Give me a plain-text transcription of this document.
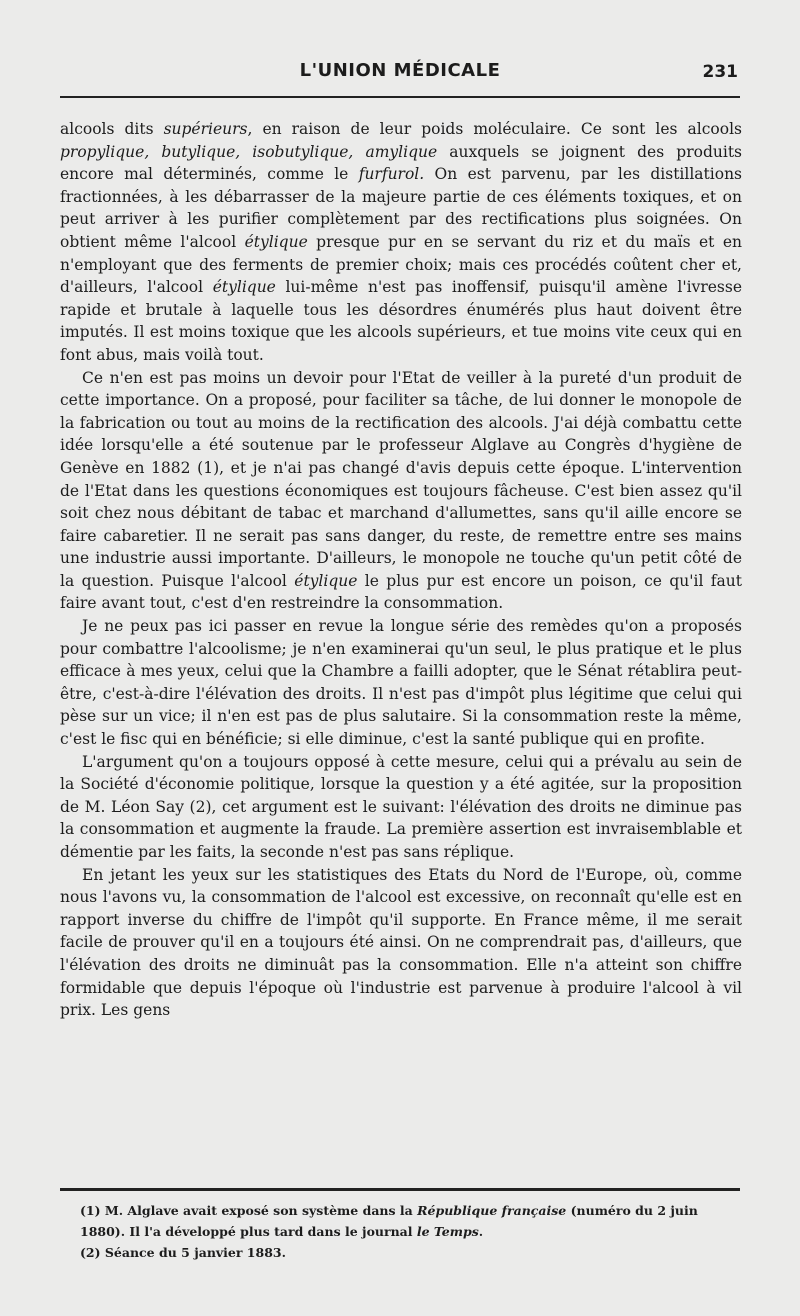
L'UNION MÉDICALE	231

alcools dits supérieurs, en raison de leur poids moléculaire. Ce sont les alcools propylique, butylique, isobutylique, amylique auxquels se joignent des produits encore mal déterminés, comme le furfurol. On est parvenu, par les distillations fractionnées, à les débarrasser de la majeure partie de ces éléments toxiques, et on peut arriver à les purifier complètement par des rectifications plus soignées. On obtient même l'alcool étylique presque pur en se servant du riz et du maïs et en n'employant que des ferments de premier choix; mais ces procédés coûtent cher et, d'ailleurs, l'alcool étylique lui-même n'est pas inoffensif, puisqu'il amène l'ivresse rapide et brutale à laquelle tous les désordres énumérés plus haut doivent être imputés. Il est moins toxique que les alcools supérieurs, et tue moins vite ceux qui en font abus, mais voilà tout.

Ce n'en est pas moins un devoir pour l'Etat de veiller à la pureté d'un produit de cette importance. On a proposé, pour faciliter sa tâche, de lui donner le monopole de la fabrication ou tout au moins de la rectification des alcools. J'ai déjà combattu cette idée lorsqu'elle a été soutenue par le professeur Alglave au Congrès d'hygiène de Genève en 1882 (1), et je n'ai pas changé d'avis depuis cette époque. L'intervention de l'Etat dans les questions économiques est toujours fâcheuse. C'est bien assez qu'il soit chez nous débitant de tabac et marchand d'allumettes, sans qu'il aille encore se faire cabaretier. Il ne serait pas sans danger, du reste, de remettre entre ses mains une industrie aussi importante. D'ailleurs, le monopole ne touche qu'un petit côté de la question. Puisque l'alcool étylique le plus pur est encore un poison, ce qu'il faut faire avant tout, c'est d'en restreindre la consommation.

Je ne peux pas ici passer en revue la longue série des remèdes qu'on a proposés pour combattre l'alcoolisme; je n'en examinerai qu'un seul, le plus pratique et le plus efficace à mes yeux, celui que la Chambre a failli adopter, que le Sénat rétablira peut-être, c'est-à-dire l'élévation des droits. Il n'est pas d'impôt plus légitime que celui qui pèse sur un vice; il n'en est pas de plus salutaire. Si la consommation reste la même, c'est le fisc qui en bénéficie; si elle diminue, c'est la santé publique qui en profite.

L'argument qu'on a toujours opposé à cette mesure, celui qui a prévalu au sein de la Société d'économie politique, lorsque la question y a été agitée, sur la proposition de M. Léon Say (2), cet argument est le suivant: l'élévation des droits ne diminue pas la consommation et augmente la fraude. La première assertion est invraisemblable et démentie par les faits, la seconde n'est pas sans réplique.

En jetant les yeux sur les statistiques des Etats du Nord de l'Europe, où, comme nous l'avons vu, la consommation de l'alcool est excessive, on reconnaît qu'elle est en rapport inverse du chiffre de l'impôt qu'il supporte. En France même, il me serait facile de prouver qu'il en a toujours été ainsi. On ne comprendrait pas, d'ailleurs, que l'élévation des droits ne diminuât pas la consommation. Elle n'a atteint son chiffre formidable que depuis l'époque où l'industrie est parvenue à produire l'alcool à vil prix. Les gens

(1) M. Alglave avait exposé son système dans la République française (numéro du 2 juin 1880). Il l'a développé plus tard dans le journal le Temps.

(2) Séance du 5 janvier 1883.
